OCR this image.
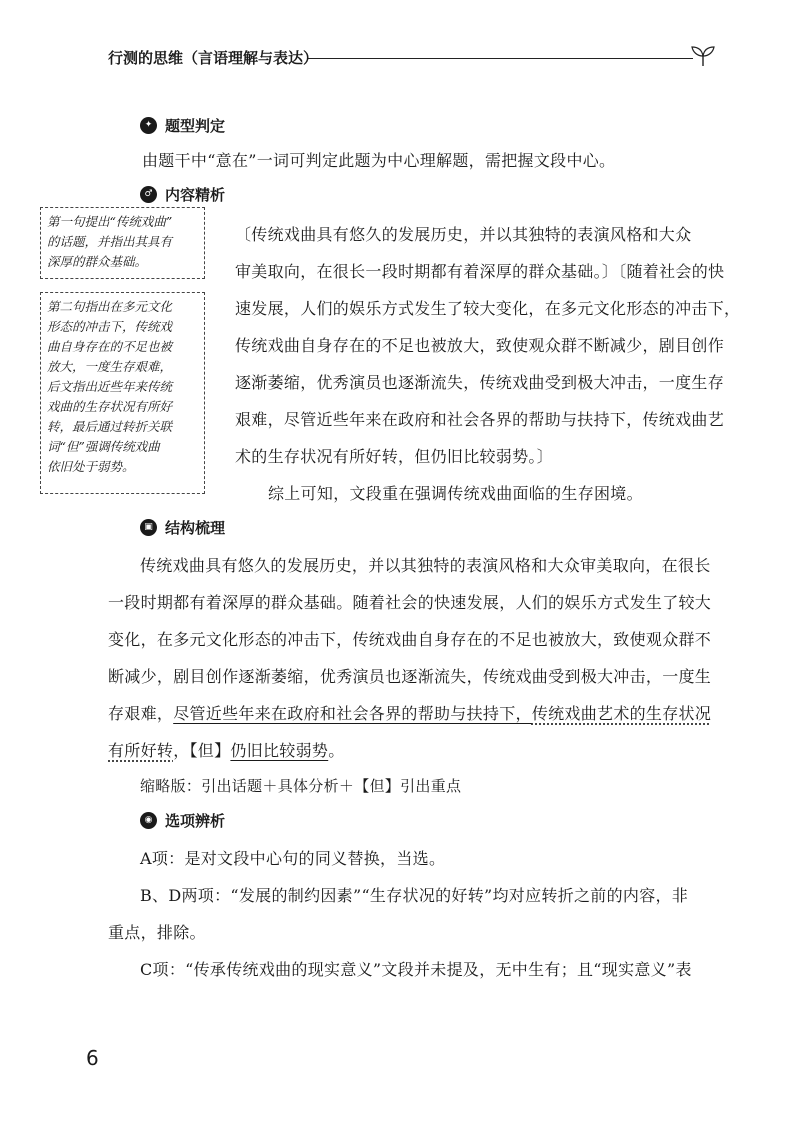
行测的思维（言语理解与表达）
✦ 题型判定
由题干中“意在”一词可判定此题为中心理解题，需把握文段中心。
♂ 内容精析
第一句提出“传统戏曲”
的话题，并指出其具有
深厚的群众基础。
第二句指出在多元文化
形态的冲击下，传统戏
曲自身存在的不足也被
放大，一度生存艰难，
后文指出近些年来传统
戏曲的生存状况有所好
转，最后通过转折关联
词“但”强调传统戏曲
依旧处于弱势。
〔传统戏曲具有悠久的发展历史，并以其独特的表演风格和大众
审美取向，在很长一段时期都有着深厚的群众基础。〕〔随着社会的快
速发展，人们的娱乐方式发生了较大变化，在多元文化形态的冲击下，
传统戏曲自身存在的不足也被放大，致使观众群不断减少，剧目创作
逐渐萎缩，优秀演员也逐渐流失，传统戏曲受到极大冲击，一度生存
艰难，尽管近些年来在政府和社会各界的帮助与扶持下，传统戏曲艺
术的生存状况有所好转，但仍旧比较弱势。〕
综上可知，文段重在强调传统戏曲面临的生存困境。
▣ 结构梳理
传统戏曲具有悠久的发展历史，并以其独特的表演风格和大众审美取向，在很长
一段时期都有着深厚的群众基础。随着社会的快速发展，人们的娱乐方式发生了较大
变化，在多元文化形态的冲击下，传统戏曲自身存在的不足也被放大，致使观众群不
断减少，剧目创作逐渐萎缩，优秀演员也逐渐流失，传统戏曲受到极大冲击，一度生
存艰难，尽管近些年来在政府和社会各界的帮助与扶持下，传统戏曲艺术的生存状况
有所好转，【但】仍旧比较弱势。
缩略版：引出话题＋具体分析＋【但】引出重点
◉ 选项辨析
A项：是对文段中心句的同义替换，当选。
B、D两项：“发展的制约因素”“生存状况的好转”均对应转折之前的内容，非
重点，排除。
C项：“传承传统戏曲的现实意义”文段并未提及，无中生有；且“现实意义”表
6
